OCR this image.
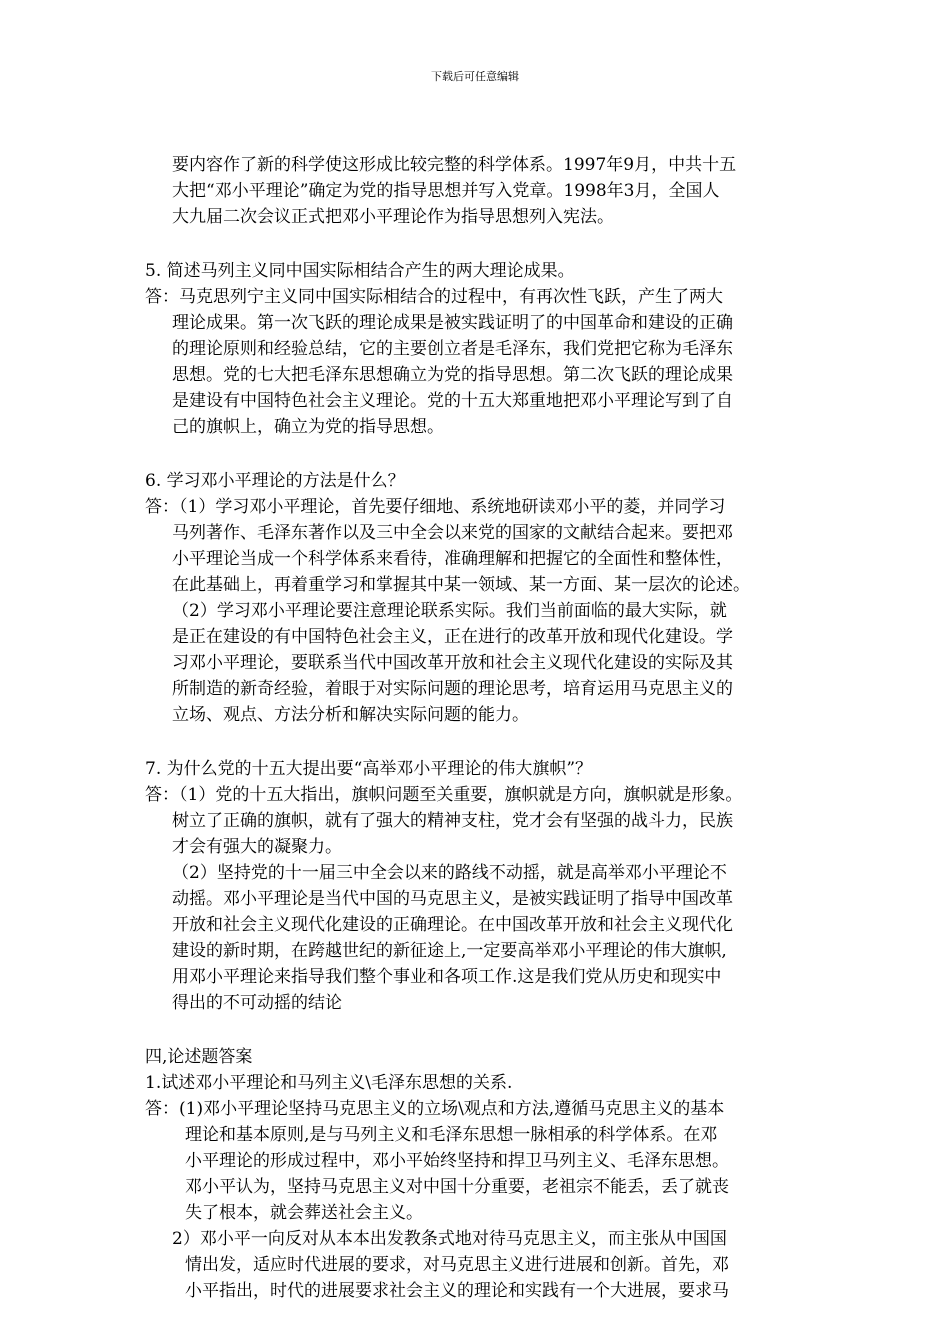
下载后可任意编辑
要内容作了新的科学使这形成比较完整的科学体系。1997年9月，中共十五
大把“邓小平理论”确定为党的指导思想并写入党章。1998年3月，全国人
大九届二次会议正式把邓小平理论作为指导思想列入宪法。
5. 简述马列主义同中国实际相结合产生的两大理论成果。
答：马克思列宁主义同中国实际相结合的过程中，有再次性飞跃，产生了两大
理论成果。第一次飞跃的理论成果是被实践证明了的中国革命和建设的正确
的理论原则和经验总结，它的主要创立者是毛泽东，我们党把它称为毛泽东
思想。党的七大把毛泽东思想确立为党的指导思想。第二次飞跃的理论成果
是建设有中国特色社会主义理论。党的十五大郑重地把邓小平理论写到了自
己的旗帜上，确立为党的指导思想。
6. 学习邓小平理论的方法是什么？
答：（1）学习邓小平理论，首先要仔细地、系统地研读邓小平的菱，并同学习
马列著作、毛泽东著作以及三中全会以来党的国家的文献结合起来。要把邓
小平理论当成一个科学体系来看待，准确理解和把握它的全面性和整体性，
在此基础上，再着重学习和掌握其中某一领域、某一方面、某一层次的论述。
（2）学习邓小平理论要注意理论联系实际。我们当前面临的最大实际，就
是正在建设的有中国特色社会主义，正在进行的改革开放和现代化建设。学
习邓小平理论，要联系当代中国改革开放和社会主义现代化建设的实际及其
所制造的新奇经验，着眼于对实际问题的理论思考，培育运用马克思主义的
立场、观点、方法分析和解决实际问题的能力。
7. 为什么党的十五大提出要“高举邓小平理论的伟大旗帜”？
答：（1）党的十五大指出，旗帜问题至关重要，旗帜就是方向，旗帜就是形象。
树立了正确的旗帜，就有了强大的精神支柱，党才会有坚强的战斗力，民族
才会有强大的凝聚力。
（2）坚持党的十一届三中全会以来的路线不动摇，就是高举邓小平理论不
动摇。邓小平理论是当代中国的马克思主义，是被实践证明了指导中国改革
开放和社会主义现代化建设的正确理论。在中国改革开放和社会主义现代化
建设的新时期，在跨越世纪的新征途上,一定要高举邓小平理论的伟大旗帜,
用邓小平理论来指导我们整个事业和各项工作.这是我们党从历史和现实中
得出的不可动摇的结论
四,论述题答案
1.试述邓小平理论和马列主义\毛泽东思想的关系.
答：(1)邓小平理论坚持马克思主义的立场\观点和方法,遵循马克思主义的基本
理论和基本原则,是与马列主义和毛泽东思想一脉相承的科学体系。在邓
小平理论的形成过程中，邓小平始终坚持和捍卫马列主义、毛泽东思想。
邓小平认为，坚持马克思主义对中国十分重要，老祖宗不能丢，丢了就丧
失了根本，就会葬送社会主义。
2）邓小平一向反对从本本出发教条式地对待马克思主义，而主张从中国国
情出发，适应时代进展的要求，对马克思主义进行进展和创新。首先，邓
小平指出，时代的进展要求社会主义的理论和实践有一个大进展，要求马
